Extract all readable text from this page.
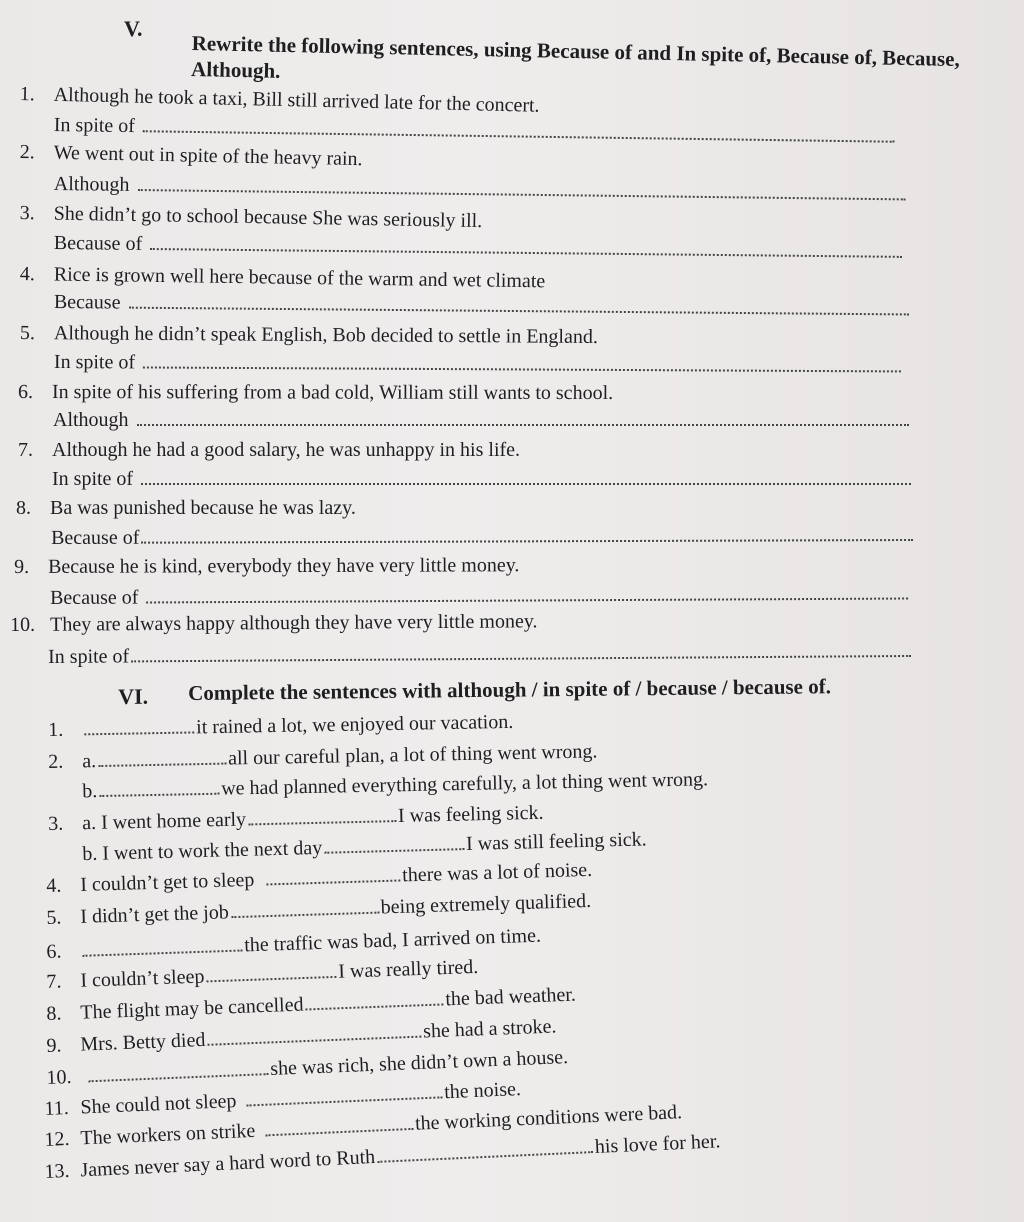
V.
Rewrite the following sentences, using Because of and In spite of, Because of, Because, Although.
1. Although he took a taxi, Bill still arrived late for the concert.
In spite of
2. We went out in spite of the heavy rain.
Although
3. She didn’t go to school because She was seriously ill.
Because of
4. Rice is grown well here because of the warm and wet climate
Because
5. Although he didn’t speak English, Bob decided to settle in England.
In spite of
6. In spite of his suffering from a bad cold, William still wants to school.
Although
7. Although he had a good salary, he was unhappy in his life.
In spite of
8. Ba was punished because he was lazy.
Because of
9. Because he is kind, everybody they have very little money.
Because of
10. They are always happy although they have very little money.
In spite of
VI. Complete the sentences with although / in spite of / because / because of.
1.	it rained a lot, we enjoyed our vacation.
2. a.	all our careful plan, a lot of thing went wrong.
b.	we had planned everything carefully, a lot thing went wrong.
3. a. I went home early	I was feeling sick.
b. I went to work the next day	I was still feeling sick.
4. I couldn’t get to sleep	there was a lot of noise.
5. I didn’t get the job	being extremely qualified.
6.	the traffic was bad, I arrived on time.
7. I couldn’t sleep	I was really tired.
8. The flight may be cancelled	the bad weather.
9. Mrs. Betty died	she had a stroke.
10.	she was rich, she didn’t own a house.
11. She could not sleep	the noise.
12. The workers on strike	the working conditions were bad.
13. James never say a hard word to Ruthhis love for her.
